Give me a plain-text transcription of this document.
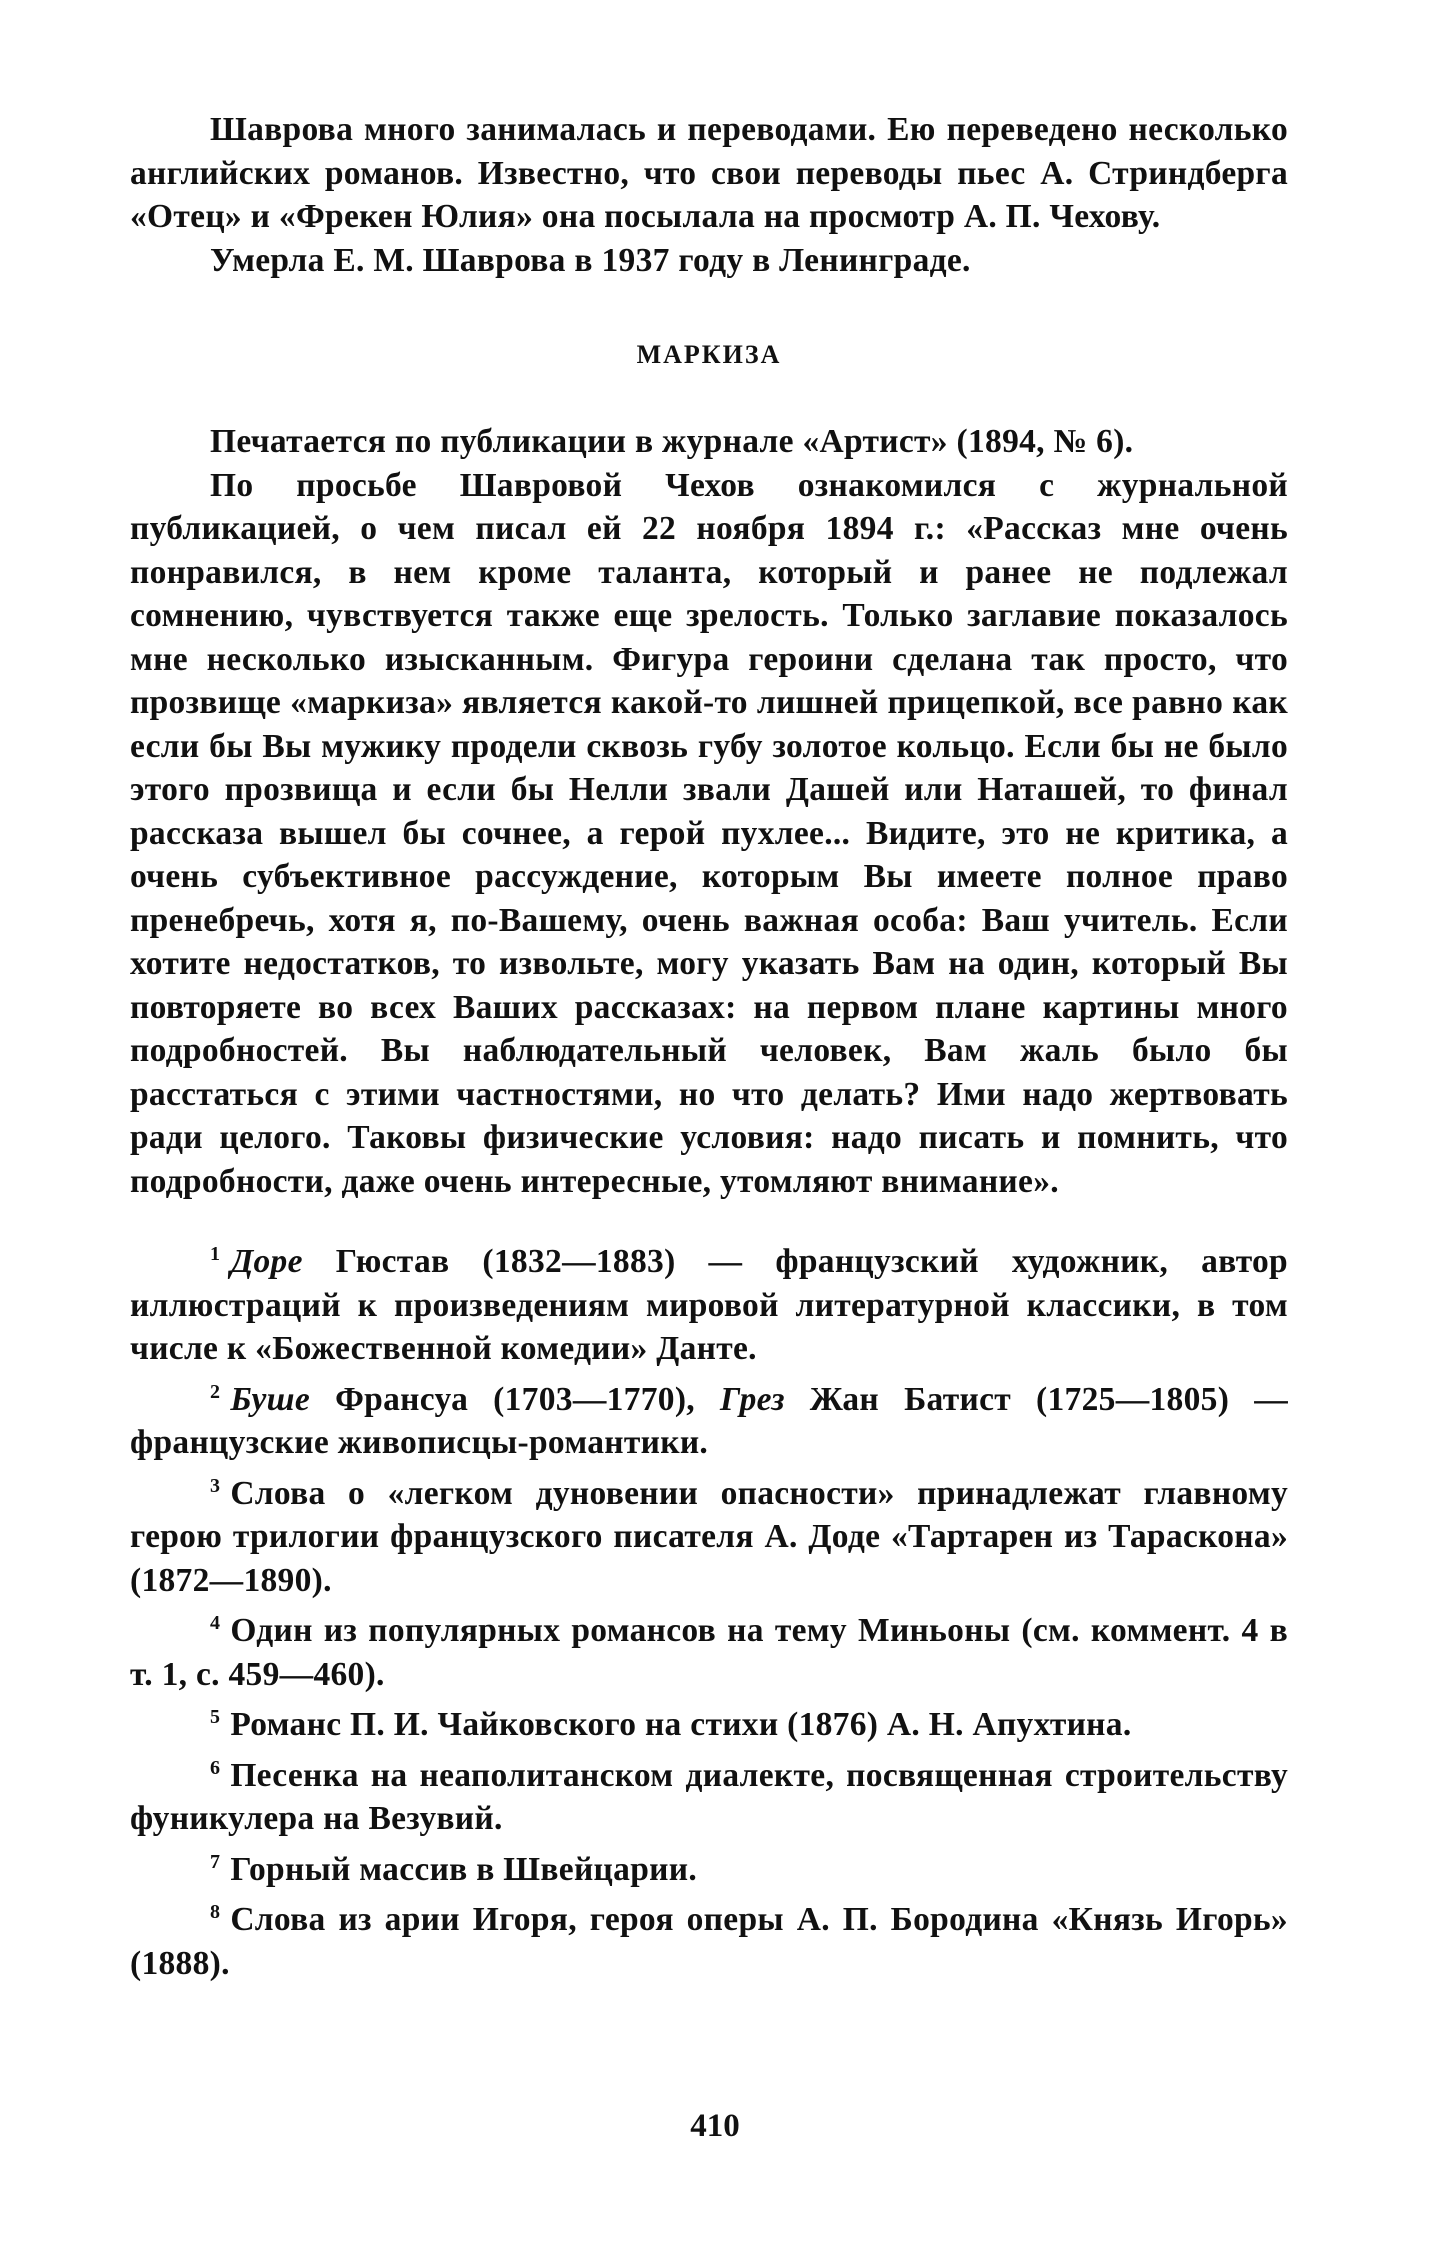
Шаврова много занималась и переводами. Ею переведено несколько английских романов. Известно, что свои переводы пьес А. Стриндберга «Отец» и «Фрекен Юлия» она посылала на просмотр А. П. Чехову.

Умерла Е. М. Шаврова в 1937 году в Ленинграде.

МАРКИЗА

Печатается по публикации в журнале «Артист» (1894, № 6).

По просьбе Шавровой Чехов ознакомился с журнальной публикацией, о чем писал ей 22 ноября 1894 г.: «Рассказ мне очень понравился, в нем кроме таланта, который и ранее не подлежал сомнению, чувствуется также еще зрелость. Только заглавие показалось мне несколько изысканным. Фигура героини сделана так просто, что прозвище «маркиза» является какой-то лишней прицепкой, все равно как если бы Вы мужику продели сквозь губу золотое кольцо. Если бы не было этого прозвища и если бы Нелли звали Дашей или Наташей, то финал рассказа вышел бы сочнее, а герой пухлее... Видите, это не критика, а очень субъективное рассуждение, которым Вы имеете полное право пренебречь, хотя я, по-Вашему, очень важная особа: Ваш учитель. Если хотите недостатков, то извольте, могу указать Вам на один, который Вы повторяете во всех Ваших рассказах: на первом плане картины много подробностей. Вы наблюдательный человек, Вам жаль было бы расстаться с этими частностями, но что делать? Ими надо жертвовать ради целого. Таковы физические условия: надо писать и помнить, что подробности, даже очень интересные, утомляют внимание».

$^1$ Доре Гюстав (1832—1883) — французский художник, автор иллюстраций к произведениям мировой литературной классики, в том числе к «Божественной комедии» Данте.

$^2$ Буше Франсуа (1703—1770), Грез Жан Батист (1725—1805) — французские живописцы-романтики.

$^3$ Слова о «легком дуновении опасности» принадлежат главному герою трилогии французского писателя А. Доде «Тартарен из Тараскона» (1872—1890).

$^4$ Один из популярных романсов на тему Миньоны (см. коммент. 4 в т. 1, с. 459—460).

$^5$ Романс П. И. Чайковского на стихи (1876) А. Н. Апухтина.

$^6$ Песенка на неаполитанском диалекте, посвященная строительству фуникулера на Везувий.

$^7$ Горный массив в Швейцарии.

$^8$ Слова из арии Игоря, героя оперы А. П. Бородина «Князь Игорь» (1888).

410
